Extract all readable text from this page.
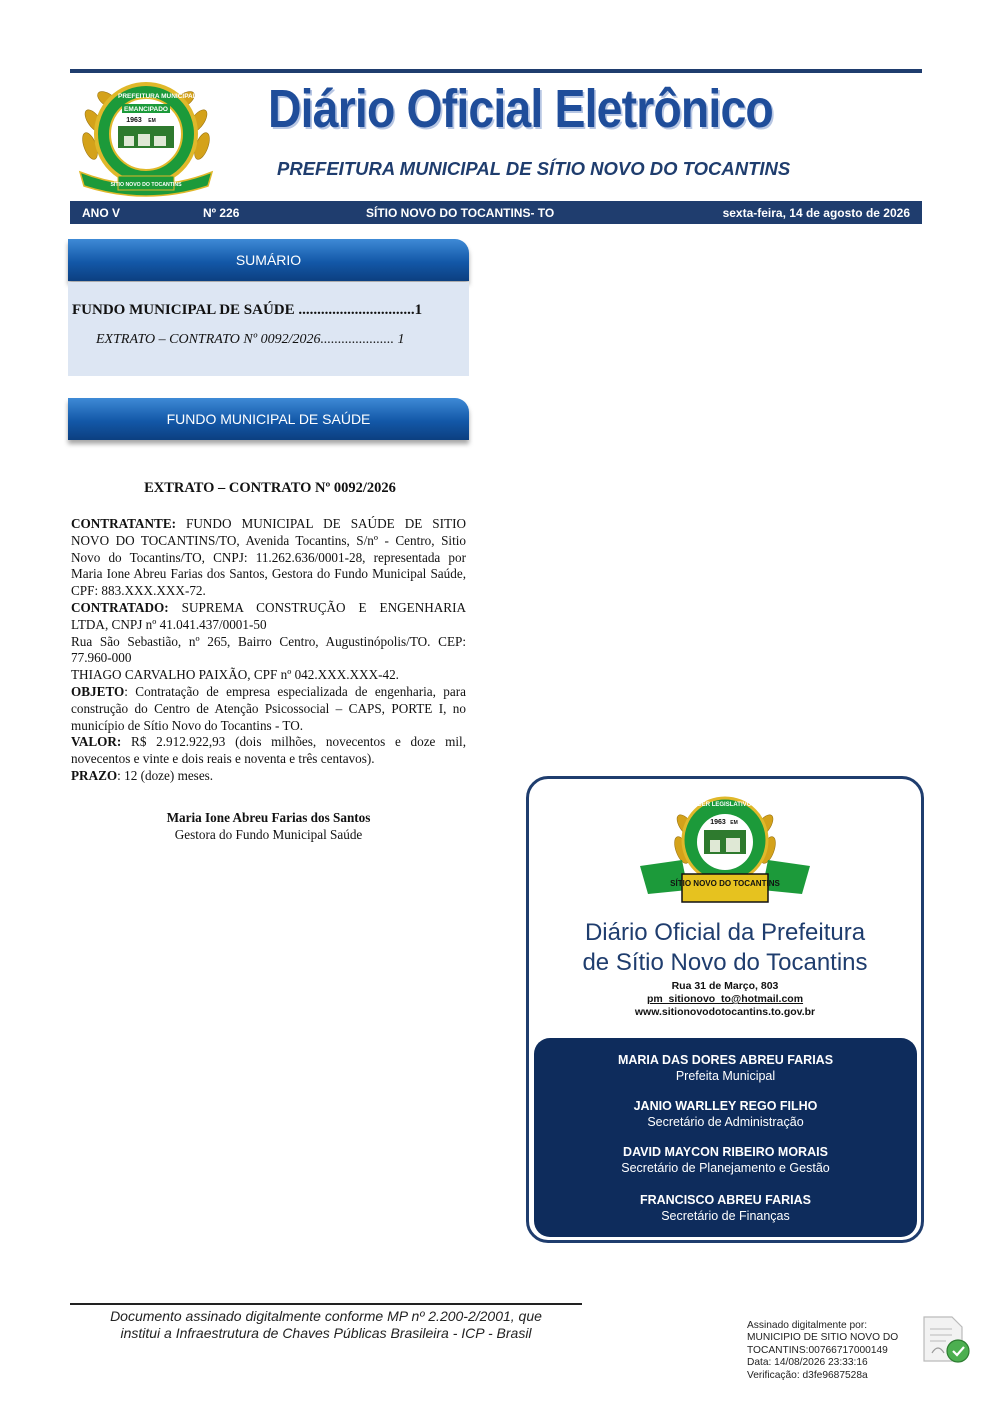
PREFEITURA MUNICIPAL DE
EMANCIPADO
1963 EM
SÍTIO NOVO DO TOCANTINS
Diário Oficial Eletrônico
PREFEITURA MUNICIPAL DE SÍTIO NOVO DO TOCANTINS
ANO V	Nº 226	SÍTIO NOVO DO TOCANTINS- TO	sexta-feira, 14 de agosto de 2026
SUMÁRIO
FUNDO MUNICIPAL DE SAÚDE ...............................1
EXTRATO – CONTRATO Nº 0092/2026..................... 1
FUNDO MUNICIPAL DE SAÚDE
EXTRATO – CONTRATO Nº 0092/2026

CONTRATANTE: FUNDO MUNICIPAL DE SAÚDE DE SITIO NOVO DO TOCANTINS/TO, Avenida Tocantins, S/nº - Centro, Sitio Novo do Tocantins/TO, CNPJ: 11.262.636/0001-28, representada por Maria Ione Abreu Farias dos Santos, Gestora do Fundo Municipal Saúde, CPF: 883.XXX.XXX-72.

CONTRATADO: SUPREMA CONSTRUÇÃO E ENGENHARIA LTDA, CNPJ nº 41.041.437/0001-50

Rua São Sebastião, nº 265, Bairro Centro, Augustinópolis/TO. CEP: 77.960-000

THIAGO CARVALHO PAIXÃO, CPF nº 042.XXX.XXX-42.

OBJETO: Contratação de empresa especializada de engenharia, para construção do Centro de Atenção Psicossocial – CAPS, PORTE I, no município de Sítio Novo do Tocantins - TO.

VALOR: R$ 2.912.922,93 (dois milhões, novecentos e doze mil, novecentos e vinte e dois reais e noventa e três centavos).

PRAZO: 12 (doze) meses.

Maria Ione Abreu Farias dos Santos
Gestora do Fundo Municipal Saúde
PODER LEGISLATIVO DE
1963 EM
SÍTIO NOVO DO TOCANTINS
Diário Oficial da Prefeitura
de Sítio Novo do Tocantins
Rua 31 de Março, 803
pm_sitionovo_to@hotmail.com
www.sitionovodotocantins.to.gov.br
MARIA DAS DORES ABREU FARIAS
Prefeita Municipal
JANIO WARLLEY REGO FILHO
Secretário de Administração
DAVID MAYCON RIBEIRO MORAIS
Secretário de Planejamento e Gestão
FRANCISCO ABREU FARIAS
Secretário de Finanças
Documento assinado digitalmente conforme MP nº 2.200-2/2001, que
institui a Infraestrutura de Chaves Públicas Brasileira - ICP - Brasil	Assinado digitalmente por:
MUNICIPIO DE SITIO NOVO DO
TOCANTINS:00766717000149
Data: 14/08/2026 23:33:16
Verificação: d3fe9687528a
